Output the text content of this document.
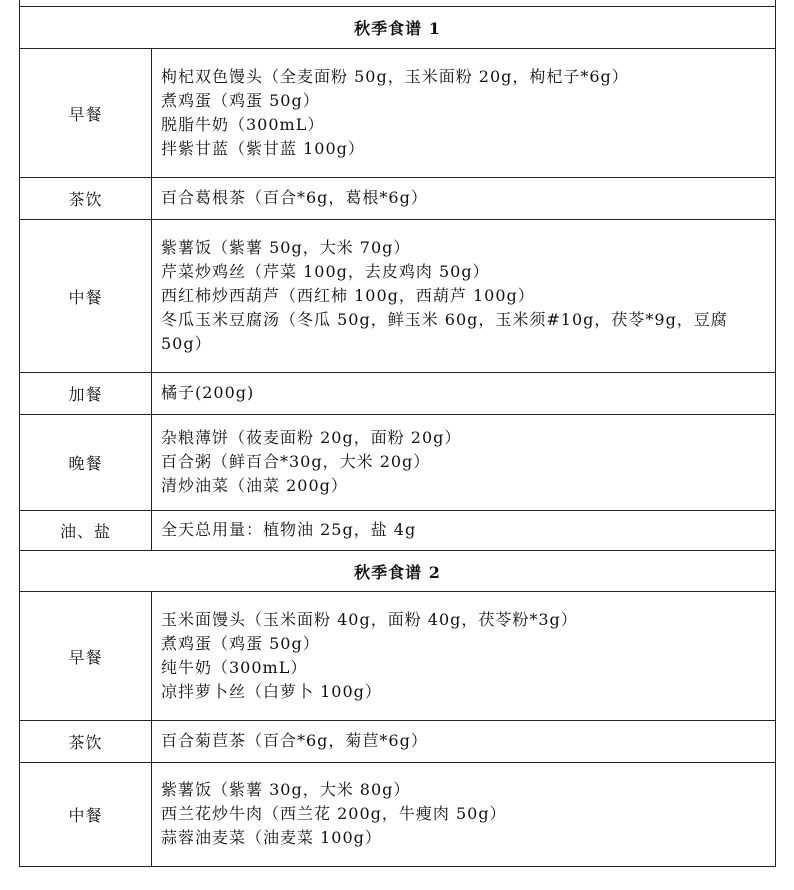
秋季食谱 1	
早餐	枸杞双色馒头（全麦面粉 50g，玉米面粉 20g，枸杞子*6g）
煮鸡蛋（鸡蛋 50g）
脱脂牛奶（300mL）
拌紫甘蓝（紫甘蓝 100g）

茶饮	百合葛根茶（百合*6g，葛根*6g）

中餐	紫薯饭（紫薯 50g，大米 70g）
芹菜炒鸡丝（芹菜 100g，去皮鸡肉 50g）
西红柿炒西葫芦（西红柿 100g，西葫芦 100g）
冬瓜玉米豆腐汤（冬瓜 50g，鲜玉米 60g，玉米须#10g，茯苓*9g，豆腐 50g）

加餐	橘子(200g)

晚餐	杂粮薄饼（莜麦面粉 20g，面粉 20g）
百合粥（鲜百合*30g，大米 20g）
清炒油菜（油菜 200g）

油、盐	全天总用量：植物油 25g，盐 4g

秋季食谱 2	
早餐	玉米面馒头（玉米面粉 40g，面粉 40g，茯苓粉*3g）
煮鸡蛋（鸡蛋 50g）
纯牛奶（300mL）
凉拌萝卜丝（白萝卜 100g）

茶饮	百合菊苣茶（百合*6g，菊苣*6g）

中餐	紫薯饭（紫薯 30g，大米 80g）
西兰花炒牛肉（西兰花 200g，牛瘦肉 50g）
蒜蓉油麦菜（油麦菜 100g）
